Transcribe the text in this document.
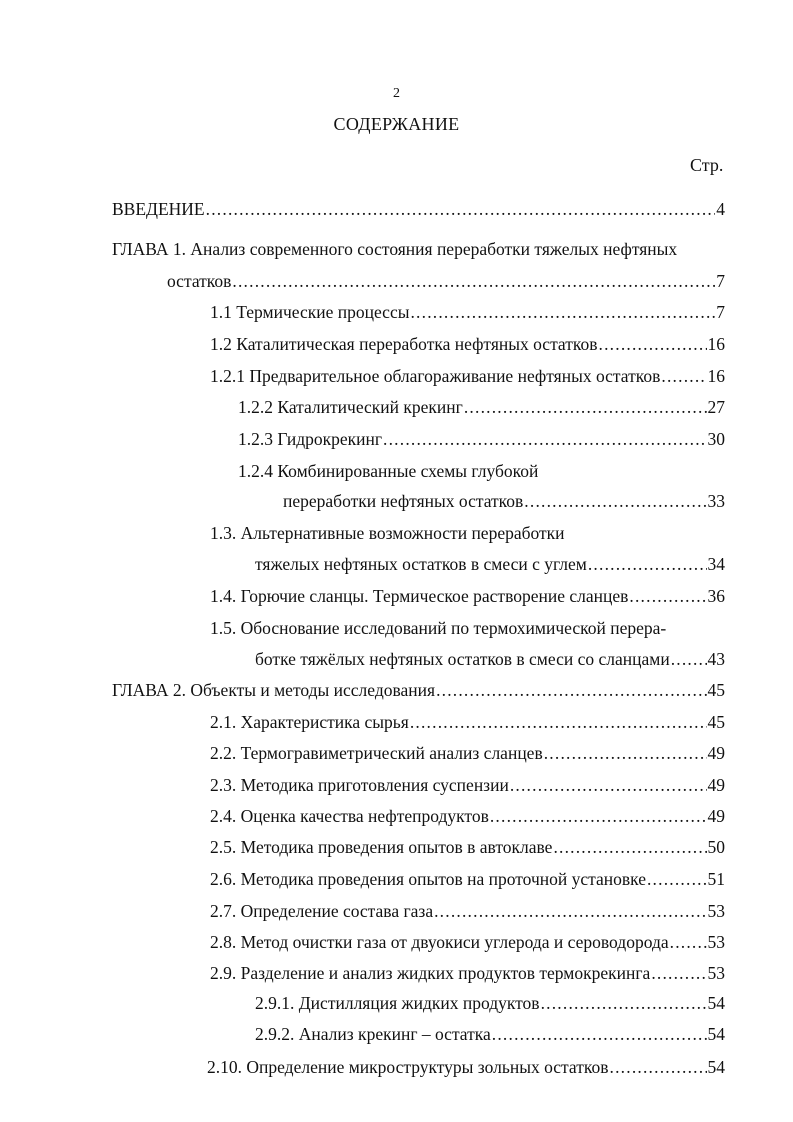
2
СОДЕРЖАНИЕ
Стр.
ВВЕДЕНИЕ .....	4
ГЛАВА 1. Анализ современного состояния переработки тяжелых нефтяных
остатков .....	7
1.1 Термические процессы .....	7
1.2 Каталитическая переработка нефтяных остатков .....	16
1.2.1 Предварительное облагораживание нефтяных остатков .....	16
1.2.2 Каталитический крекинг .....	27
1.2.3 Гидрокрекинг .....	30
1.2.4 Комбинированные схемы глубокой
переработки нефтяных остатков .....	33
1.3. Альтернативные возможности переработки
тяжелых нефтяных остатков в смеси с углем .....	34
1.4. Горючие сланцы. Термическое растворение сланцев .....	36
1.5. Обоснование исследований по термохимической перера-
ботке тяжёлых нефтяных остатков в смеси со сланцами ..... 43
ГЛАВА 2. Объекты и методы исследования .....	45
2.1. Характеристика сырья .....	45
2.2. Термогравиметрический анализ сланцев .....	49
2.3. Методика приготовления суспензии .....	49
2.4. Оценка качества нефтепродуктов .....	49
2.5. Методика проведения опытов в автоклаве .....	50
2.6. Методика проведения опытов на проточной установке .....	51
2.7. Определение состава газа .....	53
2.8. Метод очистки газа от двуокиси углерода и сероводорода ..... 53
2.9. Разделение и анализ жидких продуктов термокрекинга .....	53
2.9.1. Дистилляция жидких продуктов .....	54
2.9.2. Анализ крекинг – остатка .....	54
2.10. Определение микроструктуры зольных остатков .....	54
